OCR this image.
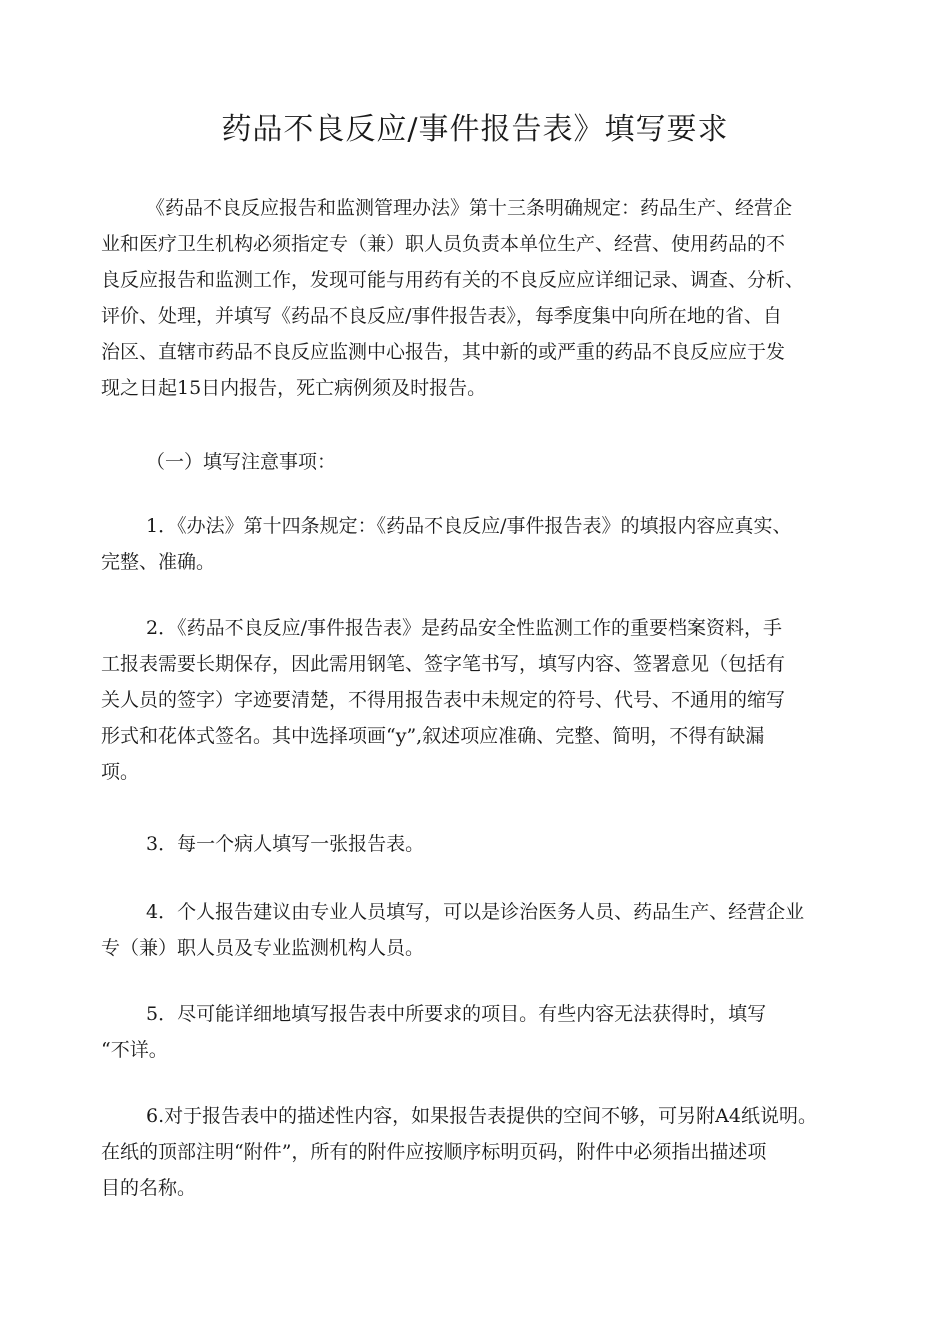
药品不良反应/事件报告表》填写要求

《药品不良反应报告和监测管理办法》第十三条明确规定：药品生产、经营企

业和医疗卫生机构必须指定专（兼）职人员负责本单位生产、经营、使用药品的不

良反应报告和监测工作，发现可能与用药有关的不良反应应详细记录、调查、分析、

评价、处理，并填写《药品不良反应/事件报告表》，每季度集中向所在地的省、自

治区、直辖市药品不良反应监测中心报告，其中新的或严重的药品不良反应应于发

现之日起15日内报告，死亡病例须及时报告。

（一）填写注意事项：

1．《办法》第十四条规定：《药品不良反应/事件报告表》的填报内容应真实、

完整、准确。

2．《药品不良反应/事件报告表》是药品安全性监测工作的重要档案资料，手

工报表需要长期保存，因此需用钢笔、签字笔书写，填写内容、签署意见（包括有

关人员的签字）字迹要清楚，不得用报告表中未规定的符号、代号、不通用的缩写

形式和花体式签名。其中选择项画“y”,叙述项应准确、完整、简明，不得有缺漏

项。

3．每一个病人填写一张报告表。

4．个人报告建议由专业人员填写，可以是诊治医务人员、药品生产、经营企业

专（兼）职人员及专业监测机构人员。

5．尽可能详细地填写报告表中所要求的项目。有些内容无法获得时，填写

“不详。

6.对于报告表中的描述性内容，如果报告表提供的空间不够，可另附A4纸说明。

在纸的顶部注明“附件”，所有的附件应按顺序标明页码，附件中必须指出描述项

目的名称。
